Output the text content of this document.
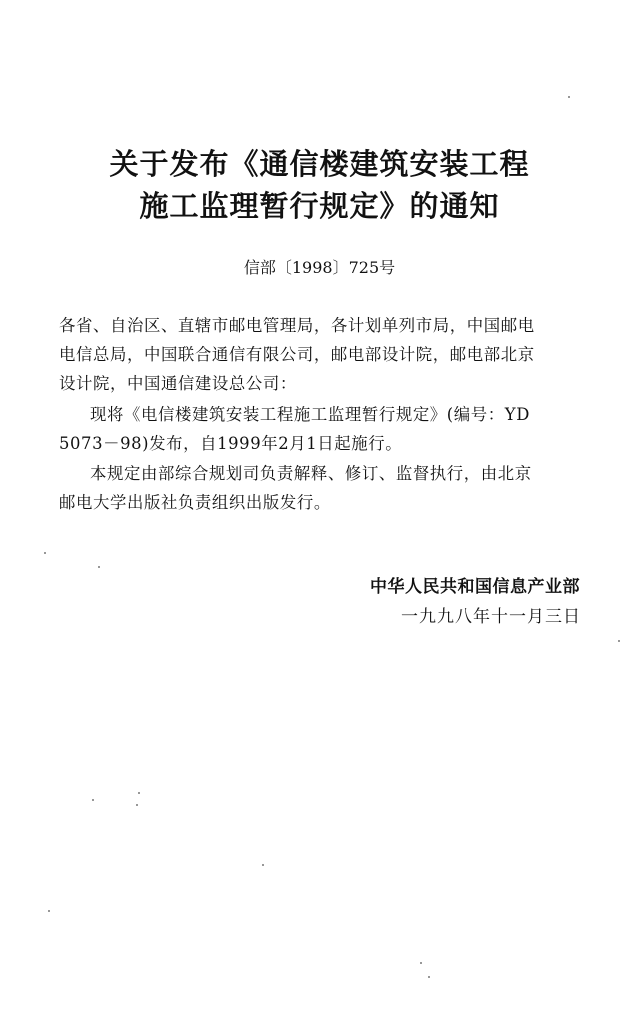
关于发布《通信楼建筑安装工程
施工监理暂行规定》的通知
信部〔1998〕725号
各省、自治区、直辖市邮电管理局，各计划单列市局，中国邮电
电信总局，中国联合通信有限公司，邮电部设计院，邮电部北京
设计院，中国通信建设总公司：
现将《电信楼建筑安装工程施工监理暂行规定》(编号：YD
5073－98)发布，自1999年2月1日起施行。
本规定由部综合规划司负责解释、修订、监督执行，由北京
邮电大学出版社负责组织出版发行。
中华人民共和国信息产业部
一九九八年十一月三日
